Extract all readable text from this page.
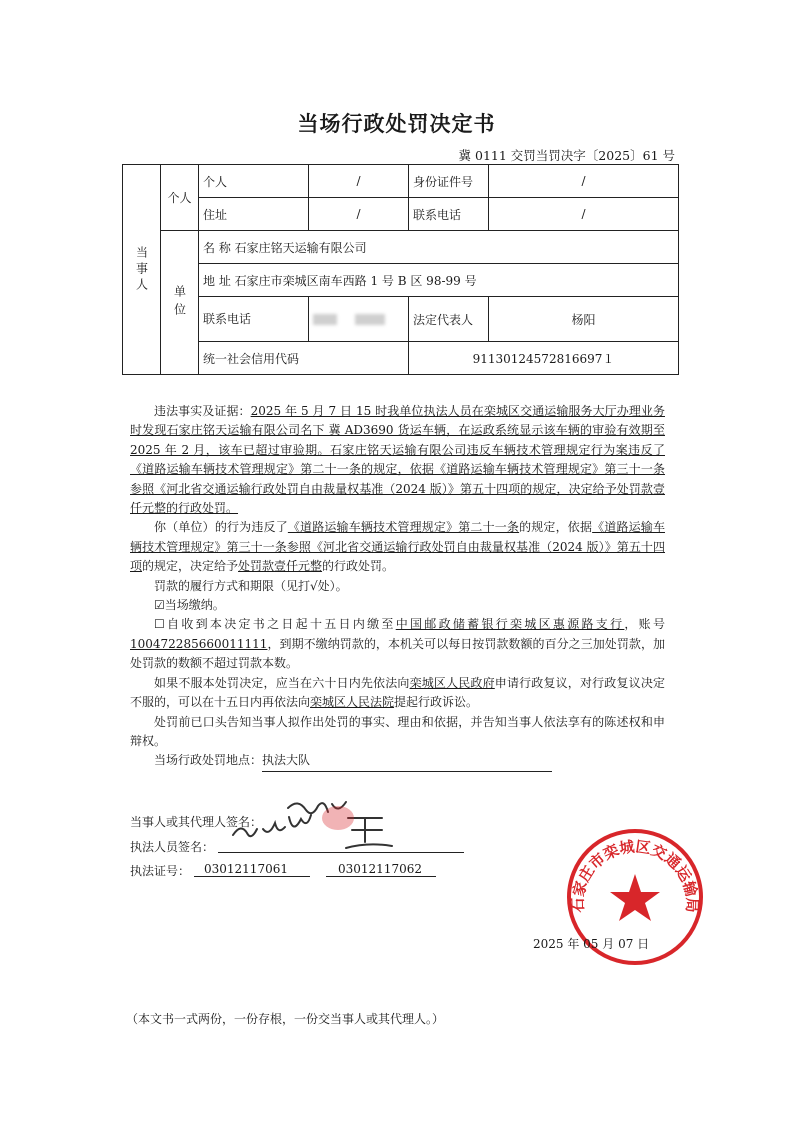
当场行政处罚决定书
冀 0111 交罚当罚决字〔2025〕61 号
当事人	个人	个人	/	身份证件号	/
		住址	/	联系电话	/
	单位	名 称 石家庄铭天运输有限公司			
		地 址 石家庄市栾城区南车西路 1 号 B 区 98-99 号			
		联系电话		法定代表人	杨阳
		统一社会信用代码		91130124572816697１	

违法事实及证据：2025 年 5 月 7 日 15 时我单位执法人员在栾城区交通运输服务大厅办理业务时发现石家庄铭天运输有限公司名下 冀 AD3690 货运车辆，在运政系统显示该车辆的审验有效期至 2025 年 2 月，该车已超过审验期。石家庄铭天运输有限公司违反车辆技术管理规定行为案违反了《道路运输车辆技术管理规定》第二十一条的规定，依据《道路运输车辆技术管理规定》第三十一条参照《河北省交通运输行政处罚自由裁量权基准（2024 版）》第五十四项的规定，决定给予处罚款壹仟元整的行政处罚。

你（单位）的行为违反了《道路运输车辆技术管理规定》第二十一条的规定，依据《道路运输车辆技术管理规定》第三十一条参照《河北省交通运输行政处罚自由裁量权基准（2024 版）》第五十四项的规定，决定给予处罚款壹仟元整的行政处罚。

罚款的履行方式和期限（见打√处）。

☑当场缴纳。

☐自收到本决定书之日起十五日内缴至中国邮政储蓄银行栾城区惠源路支行，账号100472285660011111，到期不缴纳罚款的，本机关可以每日按罚款数额的百分之三加处罚款，加处罚款的数额不超过罚款本数。

如果不服本处罚决定，应当在六十日内先依法向栾城区人民政府申请行政复议，对行政复议决定不服的，可以在十五日内再依法向栾城区人民法院提起行政诉讼。

处罚前已口头告知当事人拟作出处罚的事实、理由和依据，并告知当事人依法享有的陈述权和申辩权。

当场行政处罚地点：执法大队

当事人或其代理人签名：
执法人员签名：
执法证号： 03012117061	03012117062
石家庄市栾城区交通运输局
2025 年 05 月 07 日
（本文书一式两份，一份存根，一份交当事人或其代理人。）
